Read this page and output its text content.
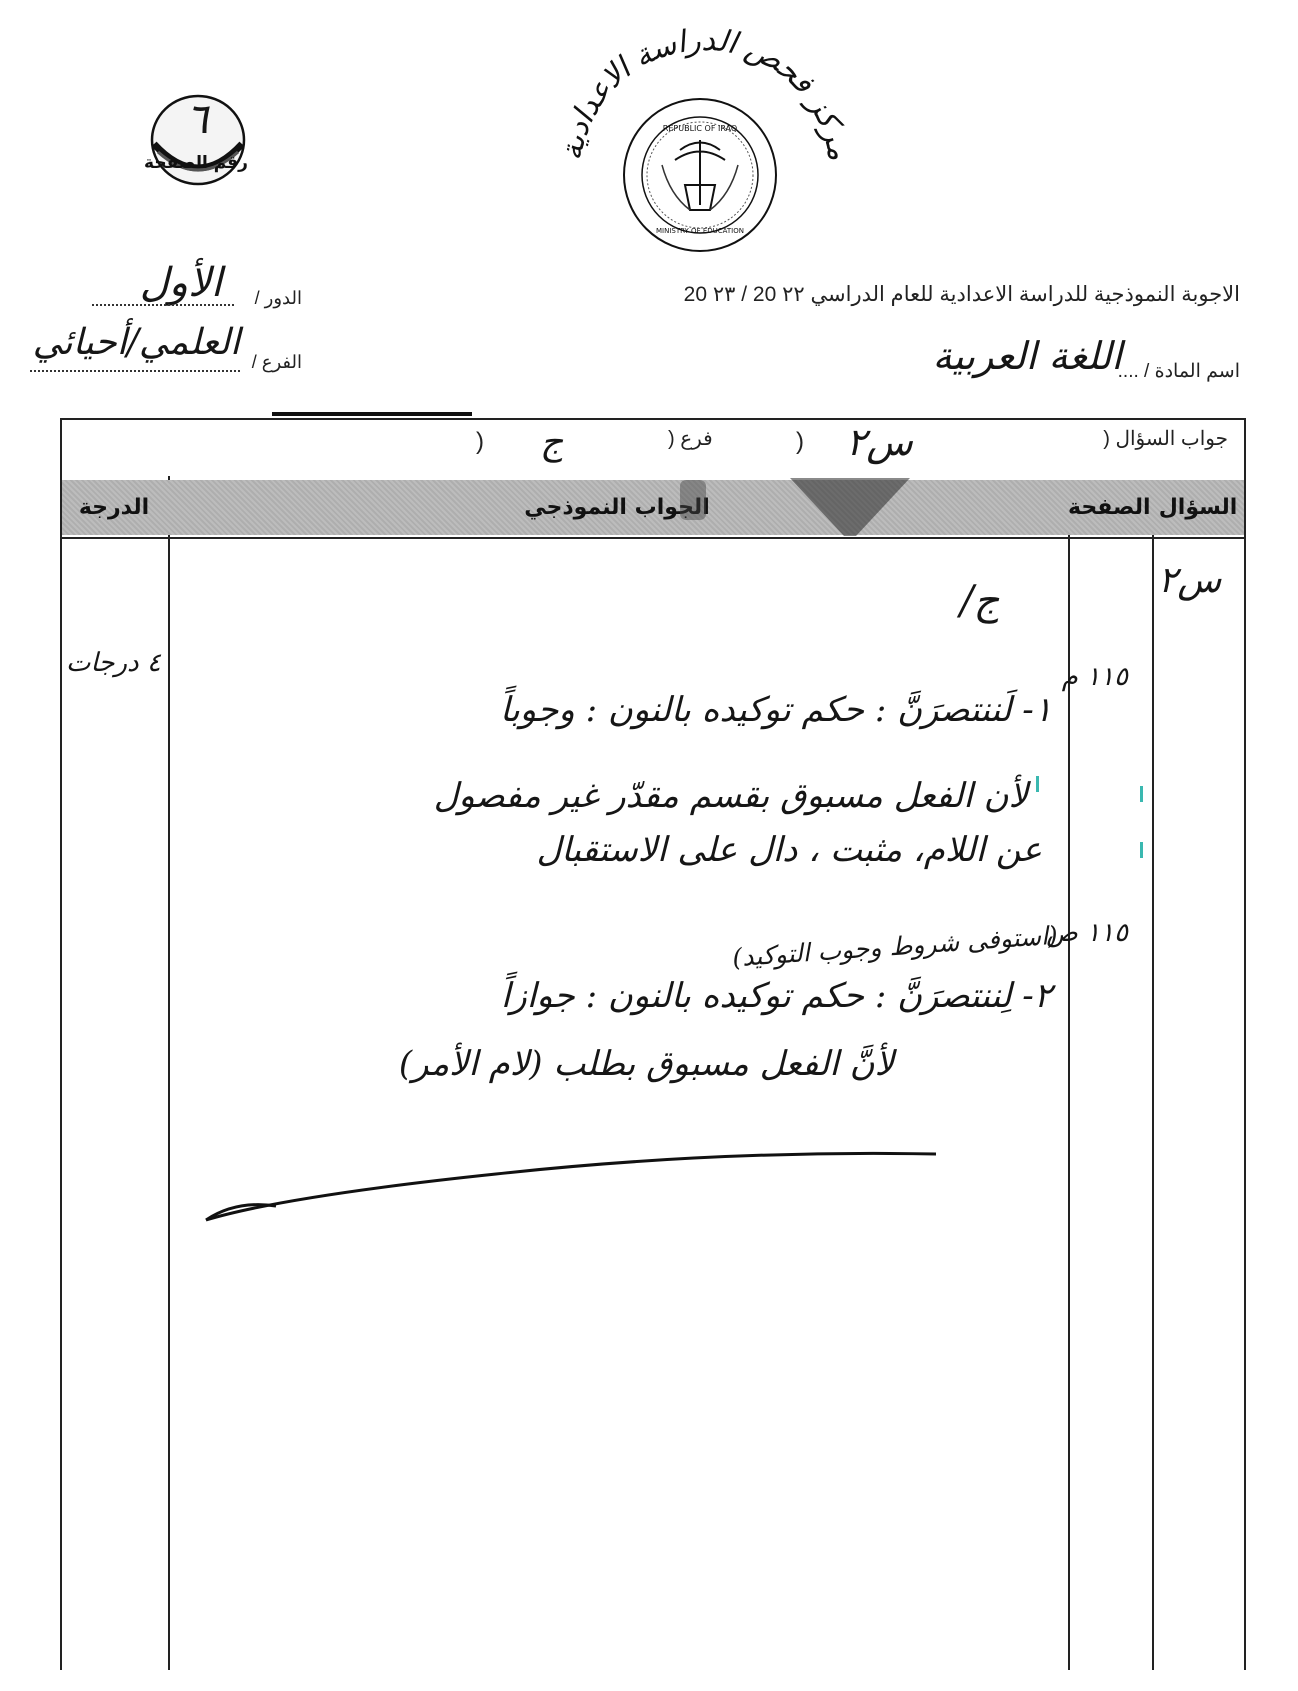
٦
رقم الصفحة
مركز فحص الدراسة الاعدادية
REPUBLIC OF IRAQ
MINISTRY OF EDUCATION
الدور /
الأول
الفرع /
العلمي/أحيائي
الاجوبة النموذجية للدراسة الاعدادية للعام الدراسي ٢٢ 20 / ٢٣ 20
اسم المادة / ....
اللغة العربية
جواب السؤال (
س٢
)
فرع (
ج
)
الدرجة	الجواب النموذجي	الصفحة السؤال
س٢
ج/
١١٥ م
١١٥ ص
٤ درجات
١- لَننتصرَنَّ : حكم توكيده بالنون : وجوباً
لأن الفعل مسبوق بقسم مقدّر غير مفصول
عن اللام، مثبت ، دال على الاستقبال
(استوفى شروط وجوب التوكيد)
٢- لِننتصرَنَّ : حكم توكيده بالنون : جوازاً
لأنَّ الفعل مسبوق بطلب (لام الأمر)
